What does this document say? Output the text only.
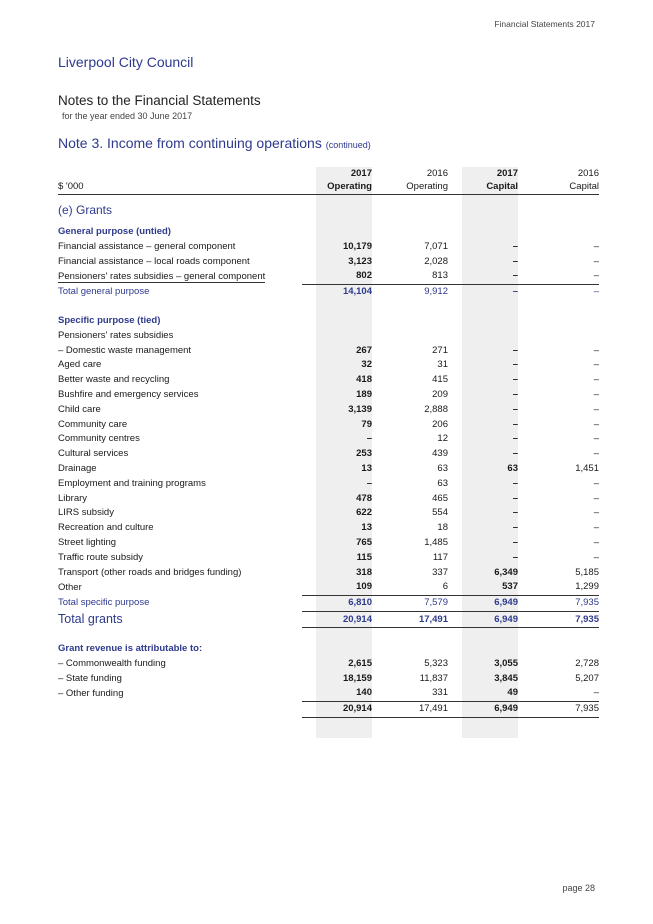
Financial Statements 2017
Liverpool City Council
Notes to the Financial Statements
for the year ended 30 June 2017
Note 3. Income from continuing operations (continued)
	2017	2016	2017	2016
$ '000	Operating	Operating	Capital	Capital
(e) Grants				
General purpose (untied)				
Financial assistance – general component	10,179	7,071	–	–
Financial assistance – local roads component	3,123	2,028	–	–
Pensioners' rates subsidies – general component	802	813	–	–
Total general purpose	14,104	9,912	–	–

Specific purpose (tied)				
Pensioners' rates subsidies				
– Domestic waste management	267	271	–	–
Aged care	32	31	–	–
Better waste and recycling	418	415	–	–
Bushfire and emergency services	189	209	–	–
Child care	3,139	2,888	–	–
Community care	79	206	–	–
Community centres	–	12	–	–
Cultural services	253	439	–	–
Drainage	13	63	63	1,451
Employment and training programs	–	63	–	–
Library	478	465	–	–
LIRS subsidy	622	554	–	–
Recreation and culture	13	18	–	–
Street lighting	765	1,485	–	–
Traffic route subsidy	115	117	–	–
Transport (other roads and bridges funding)	318	337	6,349	5,185
Other	109	6	537	1,299
Total specific purpose	6,810	7,579	6,949	7,935
Total grants	20,914	17,491	6,949	7,935

Grant revenue is attributable to:				
– Commonwealth funding	2,615	5,323	3,055	2,728
– State funding	18,159	11,837	3,845	5,207
– Other funding	140	331	49	–
	20,914	17,491	6,949	7,935
page 28
